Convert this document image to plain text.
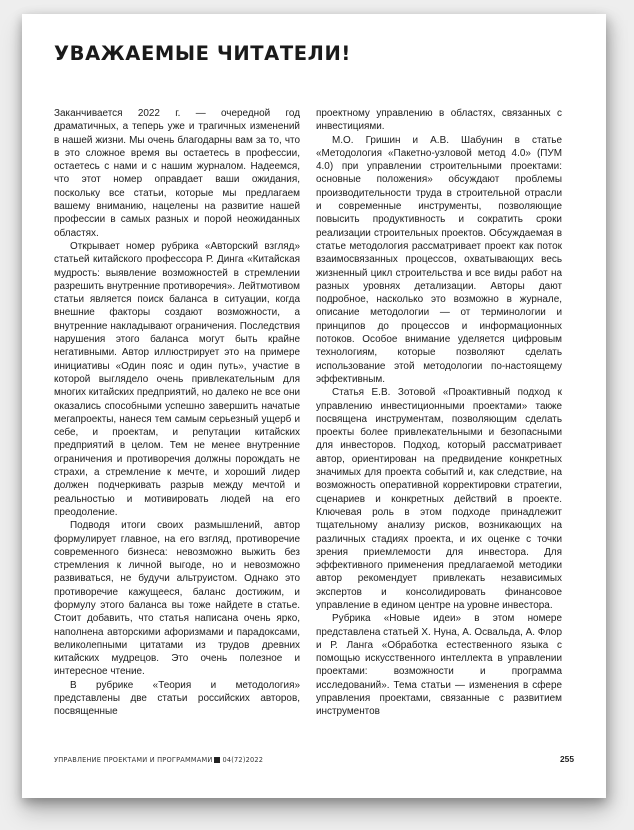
УВАЖАЕМЫЕ ЧИТАТЕЛИ!

Заканчивается 2022 г. — очередной год драматичных, а теперь уже и трагичных изменений в нашей жизни. Мы очень благодарны вам за то, что в это сложное время вы остаетесь в профессии, остаетесь с нами и с нашим журналом. Надеемся, что этот номер оправдает ваши ожидания, поскольку все статьи, которые мы предлагаем вашему вниманию, нацелены на развитие нашей профессии в самых разных и порой неожиданных областях.

Открывает номер рубрика «Авторский взгляд» статьей китайского профессора Р. Динга «Китайская мудрость: выявление возможностей в стремлении разрешить внутренние противоречия». Лейтмотивом статьи является поиск баланса в ситуации, когда внешние факторы создают возможности, а внутренние накладывают ограничения. Последствия нарушения этого баланса могут быть крайне негативными. Автор иллюстрирует это на примере инициативы «Один пояс и один путь», участие в которой выглядело очень привлекательным для многих китайских предприятий, но далеко не все они оказались способными успешно завершить начатые мегапроекты, нанеся тем самым серьезный ущерб и себе, и проектам, и репутации китайских предприятий в целом. Тем не менее внутренние ограничения и противоречия должны порождать не страхи, а стремление к мечте, и хороший лидер должен подчеркивать разрыв между мечтой и реальностью и мотивировать людей на его преодоление.

Подводя итоги своих размышлений, автор формулирует главное, на его взгляд, противоречие современного бизнеса: невозможно выжить без стремления к личной выгоде, но и невозможно развиваться, не будучи альтруистом. Однако это противоречие кажущееся, баланс достижим, и формулу этого баланса вы тоже найдете в статье. Стоит добавить, что статья написана очень ярко, наполнена авторскими афоризмами и парадоксами, великолепными цитатами из трудов древних китайских мудрецов. Это очень полезное и интересное чтение.

В рубрике «Теория и методология» представлены две статьи российских авторов, посвященные

проектному управлению в областях, связанных с инвестициями.

М.О. Гришин и А.В. Шабунин в статье «Методология «Пакетно-узловой метод 4.0» (ПУМ 4.0) при управлении строительными проектами: основные положения» обсуждают проблемы производительности труда в строительной отрасли и современные инструменты, позволяющие повысить продуктивность и сократить сроки реализации строительных проектов. Обсуждаемая в статье методология рассматривает проект как поток взаимосвязанных процессов, охватывающих весь жизненный цикл строительства и все виды работ на разных уровнях детализации. Авторы дают подробное, насколько это возможно в журнале, описание методологии — от терминологии и принципов до процессов и информационных потоков. Особое внимание уделяется цифровым технологиям, которые позволяют сделать использование этой методологии по-настоящему эффективным.

Статья Е.В. Зотовой «Проактивный подход к управлению инвестиционными проектами» также посвящена инструментам, позволяющим сделать проекты более привлекательными и безопасными для инвесторов. Подход, который рассматривает автор, ориентирован на предвидение конкретных значимых для проекта событий и, как следствие, на возможность оперативной корректировки стратегии, сценариев и конкретных действий в проекте. Ключевая роль в этом подходе принадлежит тщательному анализу рисков, возникающих на различных стадиях проекта, и их оценке с точки зрения приемлемости для инвестора. Для эффективного применения предлагаемой методики автор рекомендует привлекать независимых экспертов и консолидировать финансовое управление в едином центре на уровне инвестора.

Рубрика «Новые идеи» в этом номере представлена статьей Х. Нуна, А. Освальда, А. Флор и Р. Ланга «Обработка естественного языка с помощью искусственного интеллекта в управлении проектами: возможности и программа исследований». Тема статьи — изменения в сфере управления проектами, связанные с развитием инструментов

УПРАВЛЕНИЕ ПРОЕКТАМИ И ПРОГРАММАМИ 04(72)2022	255
